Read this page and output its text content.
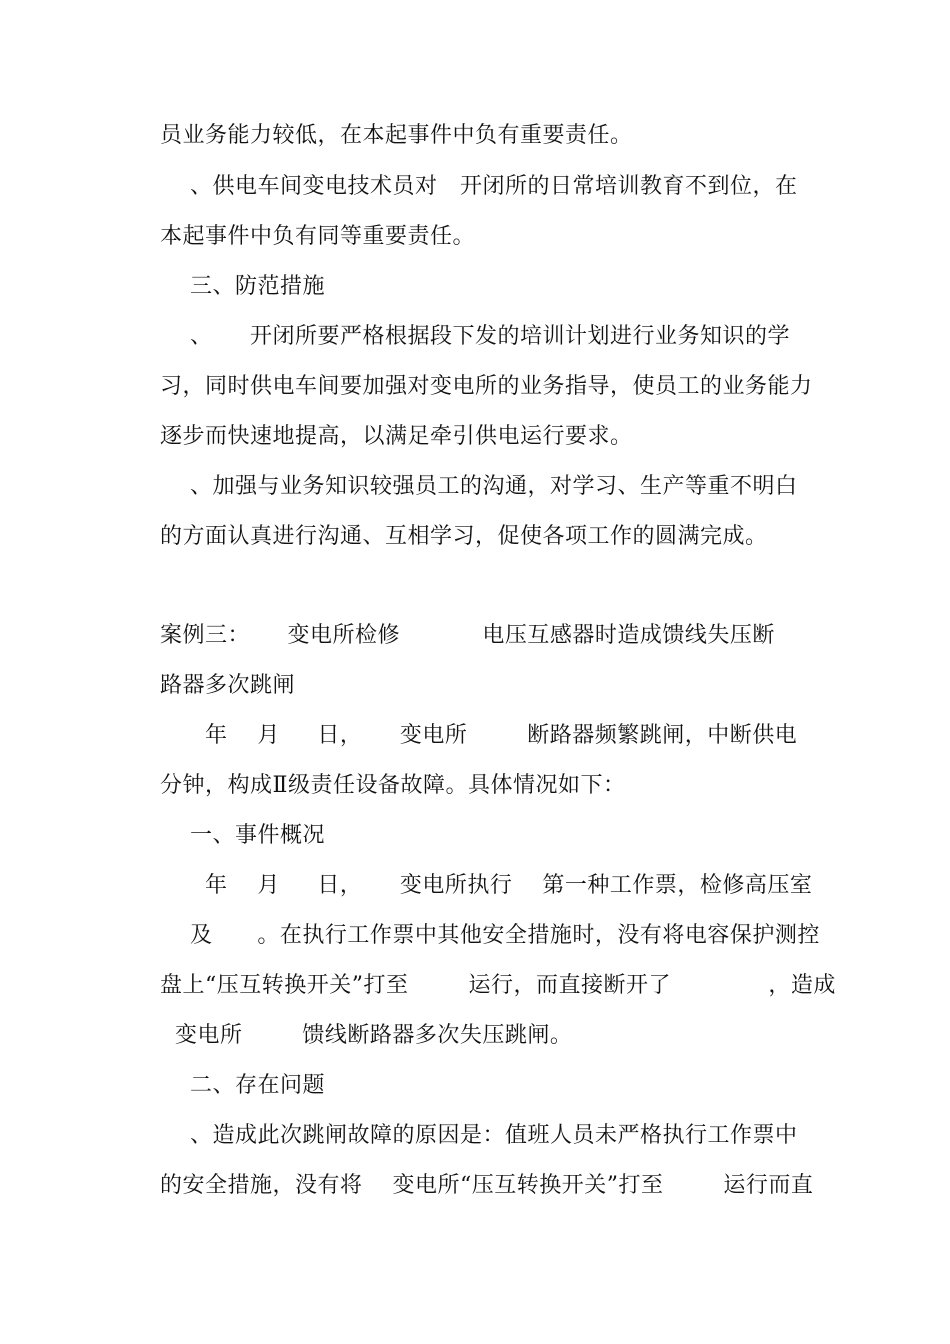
员业务能力较低，在本起事件中负有重要责任。
、供电车间变电技术员对   开闭所的日常培训教育不到位，在
本起事件中负有同等重要责任。
三、防范措施
、     开闭所要严格根据段下发的培训计划进行业务知识的学
习，同时供电车间要加强对变电所的业务指导，使员工的业务能力
逐步而快速地提高，以满足牵引供电运行要求。
、加强与业务知识较强员工的沟通，对学习、生产等重不明白
的方面认真进行沟通、互相学习，促使各项工作的圆满完成。
案例三：     变电所检修           电压互感器时造成馈线失压断
路器多次跳闸
年    月     日，     变电所        断路器频繁跳闸，中断供电
分钟，构成Ⅱ级责任设备故障。具体情况如下：
一、事件概况
年    月     日，     变电所执行    第一种工作票，检修高压室
及      。在执行工作票中其他安全措施时，没有将电容保护测控
盘上“压互转换开关”打至        运行，而直接断开了             ，造成
变电所        馈线断路器多次失压跳闸。
二、存在问题
、造成此次跳闸故障的原因是：值班人员未严格执行工作票中
的安全措施，没有将    变电所“压互转换开关”打至        运行而直
